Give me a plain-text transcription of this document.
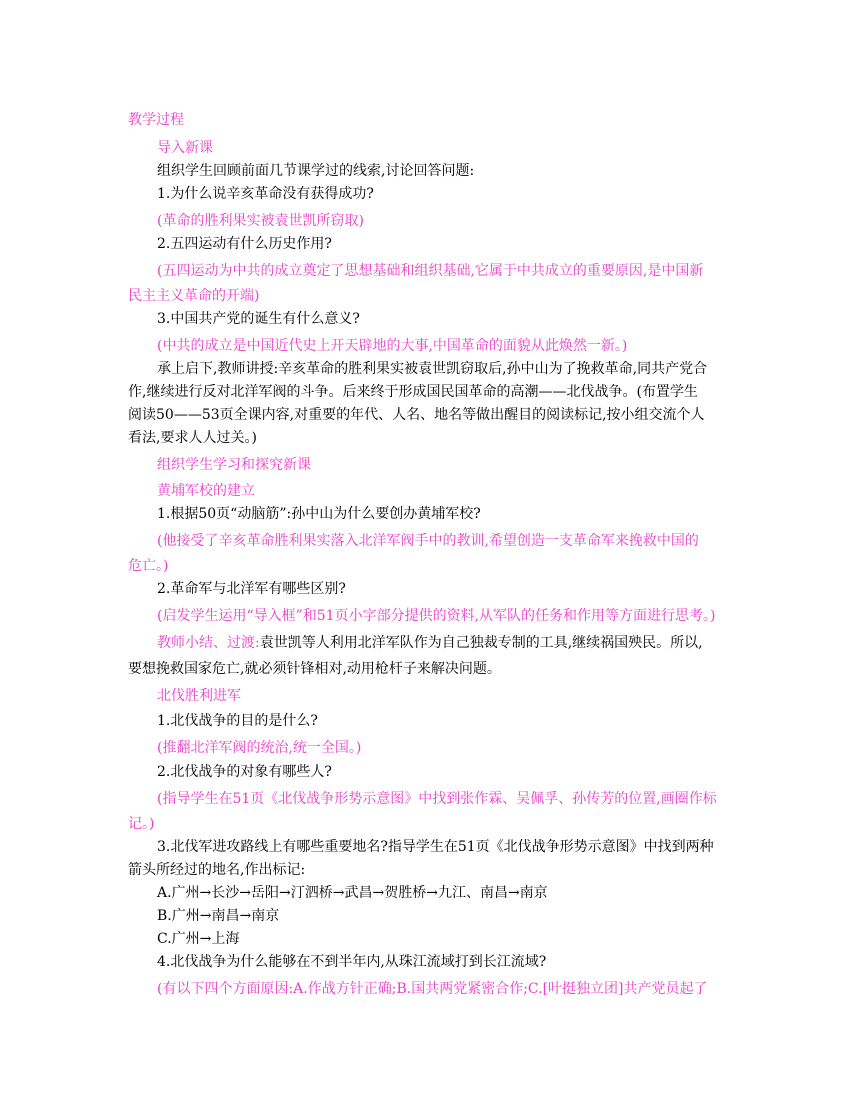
教学过程

导入新课

组织学生回顾前面几节课学过的线索,讨论回答问题:

1.为什么说辛亥革命没有获得成功?

(革命的胜利果实被袁世凯所窃取)

2.五四运动有什么历史作用?

(五四运动为中共的成立奠定了思想基础和组织基础,它属于中共成立的重要原因,是中国新

民主主义革命的开端)

3.中国共产党的诞生有什么意义?

(中共的成立是中国近代史上开天辟地的大事,中国革命的面貌从此焕然一新。)

承上启下,教师讲授:辛亥革命的胜利果实被袁世凯窃取后,孙中山为了挽救革命,同共产党合

作,继续进行反对北洋军阀的斗争。后来终于形成国民国革命的高潮——北伐战争。(布置学生

阅读50——53页全课内容,对重要的年代、人名、地名等做出醒目的阅读标记,按小组交流个人

看法,要求人人过关。)

组织学生学习和探究新课

黄埔军校的建立

1.根据50页“动脑筋”:孙中山为什么要创办黄埔军校?

(他接受了辛亥革命胜利果实落入北洋军阀手中的教训,希望创造一支革命军来挽救中国的

危亡。)

2.革命军与北洋军有哪些区别?

(启发学生运用“导入框”和51页小字部分提供的资料,从军队的任务和作用等方面进行思考。)

教师小结、过渡:袁世凯等人利用北洋军队作为自己独裁专制的工具,继续祸国殃民。所以,

要想挽救国家危亡,就必须针锋相对,动用枪杆子来解决问题。

北伐胜利进军

1.北伐战争的目的是什么?

(推翻北洋军阀的统治,统一全国。)

2.北伐战争的对象有哪些人?

(指导学生在51页《北伐战争形势示意图》中找到张作霖、吴佩孚、孙传芳的位置,画圈作标

记。)

3.北伐军进攻路线上有哪些重要地名?指导学生在51页《北伐战争形势示意图》中找到两种

箭头所经过的地名,作出标记:

A.广州→长沙→岳阳→汀泗桥→武昌→贺胜桥→九江、南昌→南京

B.广州→南昌→南京

C.广州→上海

4.北伐战争为什么能够在不到半年内,从珠江流域打到长江流域?

(有以下四个方面原因:A.作战方针正确;B.国共两党紧密合作;C.[叶挺独立团]共产党员起了
